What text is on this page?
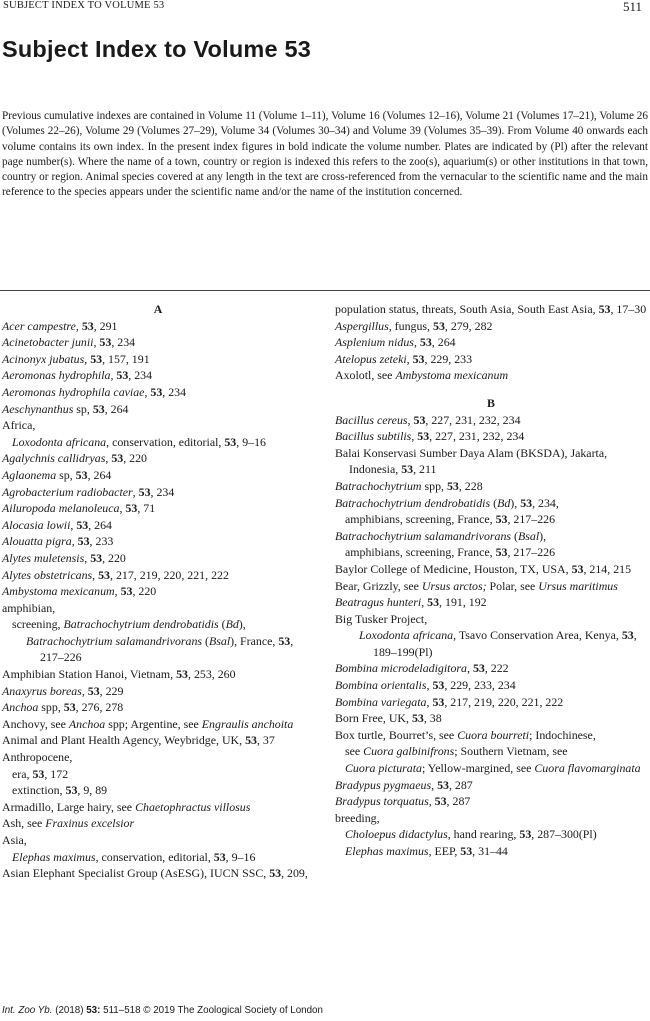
SUBJECT INDEX TO VOLUME 53	511
Subject Index to Volume 53

Previous cumulative indexes are contained in Volume 11 (Volume 1–11), Volume 16 (Volumes 12–16), Volume 21 (Volumes 17–21), Volume 26 (Volumes 22–26), Volume 29 (Volumes 27–29), Volume 34 (Volumes 30–34) and Volume 39 (Volumes 35–39). From Volume 40 onwards each volume contains its own index. In the present index figures in bold indicate the volume number. Plates are indicated by (Pl) after the relevant page number(s). Where the name of a town, country or region is indexed this refers to the zoo(s), aquarium(s) or other institutions in that town, country or region. Animal species covered at any length in the text are cross-referenced from the vernacular to the scientific name and the main reference to the species appears under the scientific name and/or the name of the institution concerned.

A
Acer campestre, 53, 291
Acinetobacter junii, 53, 234
Acinonyx jubatus, 53, 157, 191
Aeromonas hydrophila, 53, 234
Aeromonas hydrophila caviae, 53, 234
Aeschynanthus sp, 53, 264
Africa,
Loxodonta africana, conservation, editorial, 53, 9–16
Agalychnis callidryas, 53, 220
Aglaonema sp, 53, 264
Agrobacterium radiobacter, 53, 234
Ailuropoda melanoleuca, 53, 71
Alocasia lowii, 53, 264
Alouatta pigra, 53, 233
Alytes muletensis, 53, 220
Alytes obstetricans, 53, 217, 219, 220, 221, 222
Ambystoma mexicanum, 53, 220
amphibian,
screening, Batrachochytrium dendrobatidis (Bd),
Batrachochytrium salamandrivorans (Bsal), France, 53, 217–226
Amphibian Station Hanoi, Vietnam, 53, 253, 260
Anaxyrus boreas, 53, 229
Anchoa spp, 53, 276, 278
Anchovy, see Anchoa spp; Argentine, see Engraulis anchoita
Animal and Plant Health Agency, Weybridge, UK, 53, 37
Anthropocene,
era, 53, 172
extinction, 53, 9, 89
Armadillo, Large hairy, see Chaetophractus villosus
Ash, see Fraxinus excelsior
Asia,
Elephas maximus, conservation, editorial, 53, 9–16
Asian Elephant Specialist Group (AsESG), IUCN SSC, 53, 209,
population status, threats, South Asia, South East Asia, 53, 17–30
Aspergillus, fungus, 53, 279, 282
Asplenium nidus, 53, 264
Atelopus zeteki, 53, 229, 233
Axolotl, see Ambystoma mexicanum
B
Bacillus cereus, 53, 227, 231, 232, 234
Bacillus subtilis, 53, 227, 231, 232, 234
Balai Konservasi Sumber Daya Alam (BKSDA), Jakarta, Indonesia, 53, 211
Batrachochytrium spp, 53, 228
Batrachochytrium dendrobatidis (Bd), 53, 234,
amphibians, screening, France, 53, 217–226
Batrachochytrium salamandrivorans (Bsal),
amphibians, screening, France, 53, 217–226
Baylor College of Medicine, Houston, TX, USA, 53, 214, 215
Bear, Grizzly, see Ursus arctos; Polar, see Ursus maritimus
Beatragus hunteri, 53, 191, 192
Big Tusker Project,
Loxodonta africana, Tsavo Conservation Area, Kenya, 53, 189–199(Pl)
Bombina microdeladigitora, 53, 222
Bombina orientalis, 53, 229, 233, 234
Bombina variegata, 53, 217, 219, 220, 221, 222
Born Free, UK, 53, 38
Box turtle, Bourret’s, see Cuora bourreti; Indochinese,
see Cuora galbinifrons; Southern Vietnam, see
Cuora picturata; Yellow-margined, see Cuora flavomarginata
Bradypus pygmaeus, 53, 287
Bradypus torquatus, 53, 287
breeding,
Choloepus didactylus, hand rearing, 53, 287–300(Pl)
Elephas maximus, EEP, 53, 31–44
Int. Zoo Yb. (2018) 53: 511–518 © 2019 The Zoological Society of London
